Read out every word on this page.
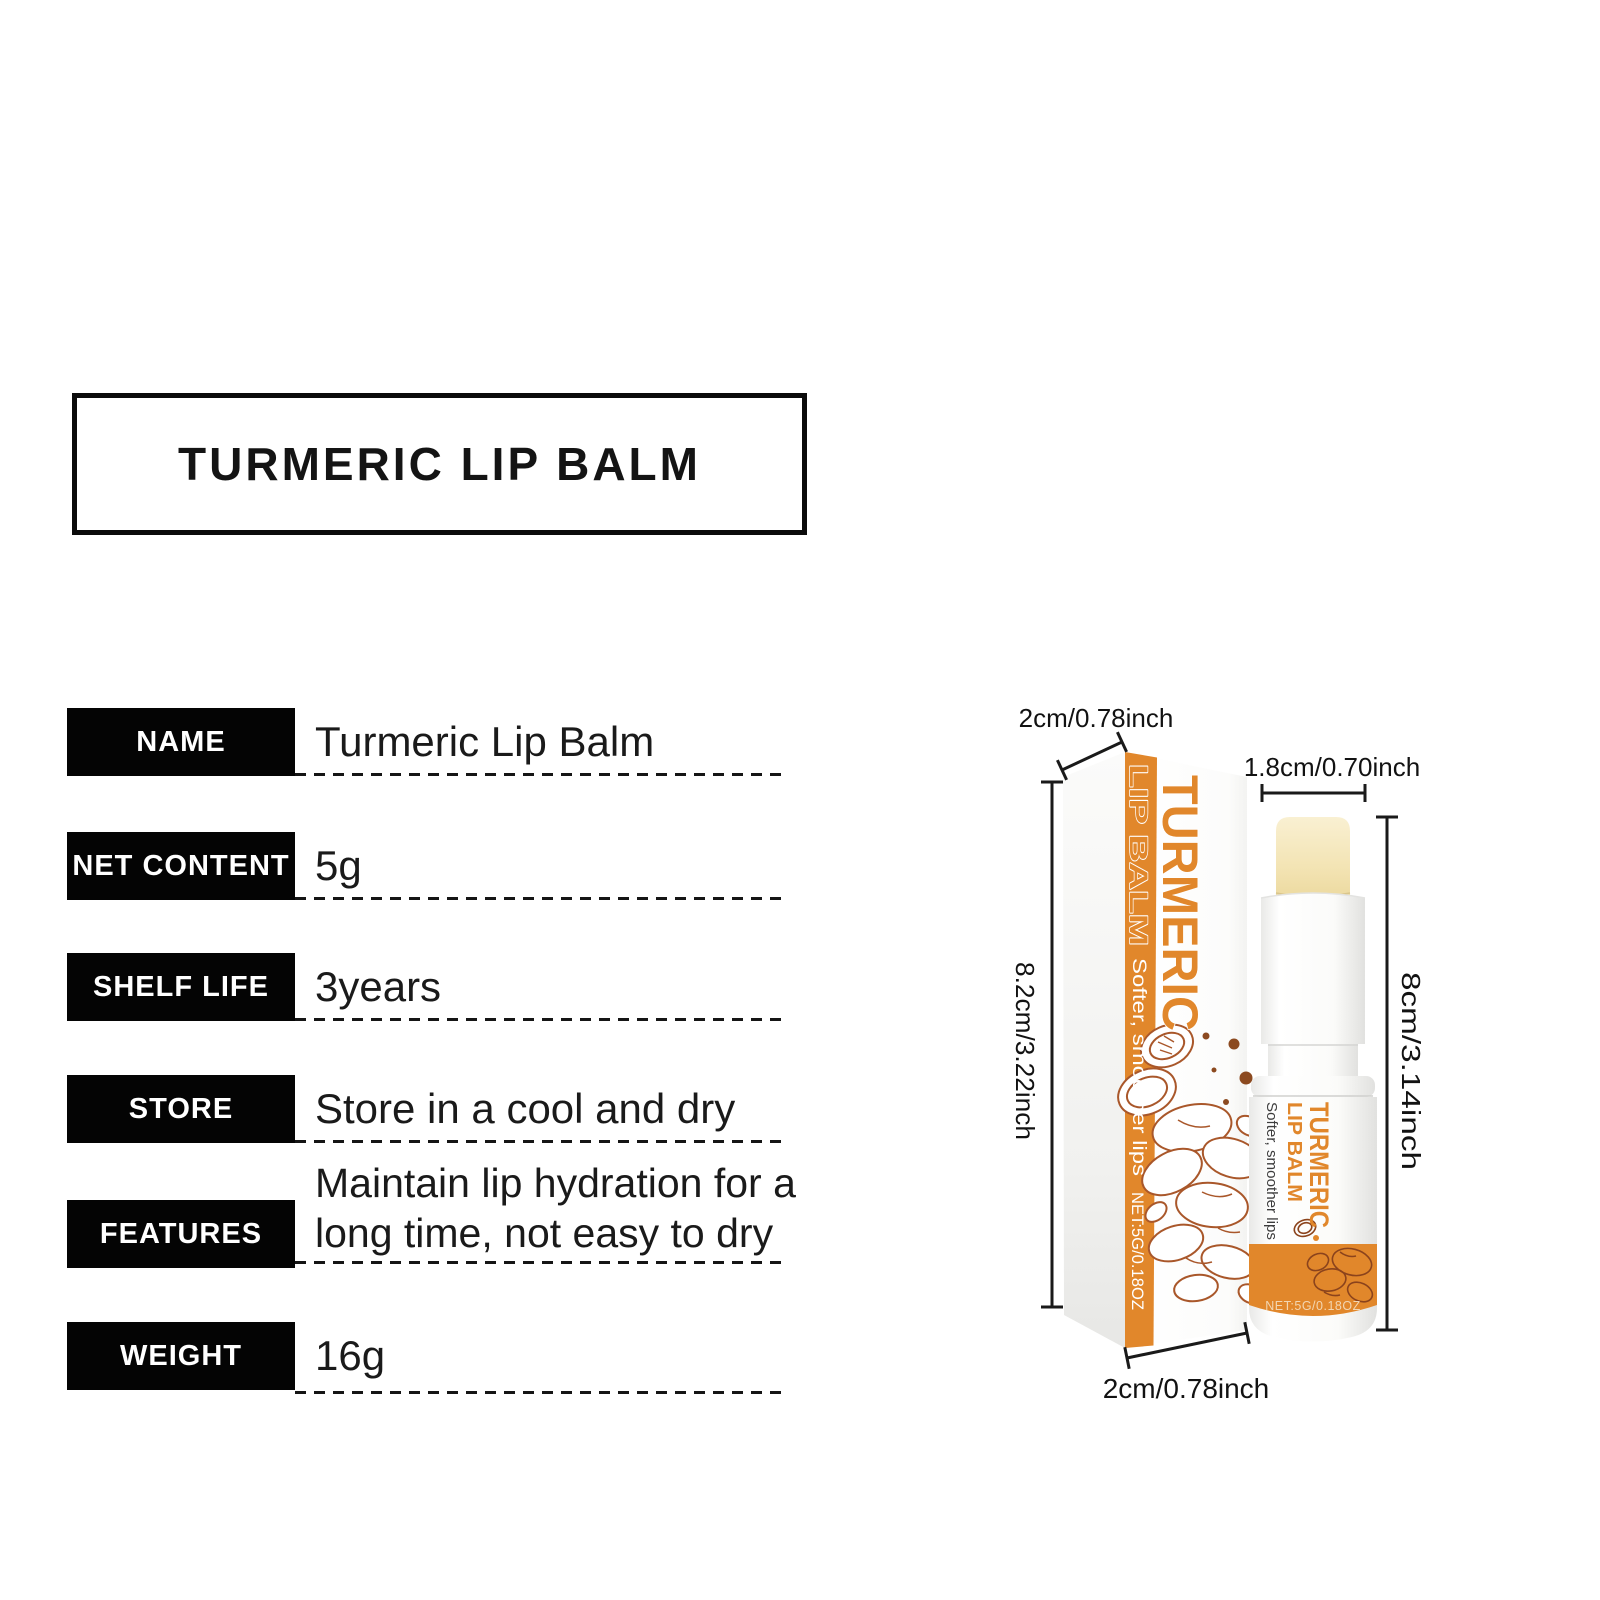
TURMERIC LIP BALM
NAME Turmeric Lip Balm
NET CONTENT 5g
SHELF LIFE 3years
STORE Store in a cool and dry
FEATURES
Maintain lip hydration for a
long time, not easy to dry
WEIGHT 16g
LIP BALM TURMERIC
Softer, smoother lips
NET:5G/0.18OZ
TURMERIC
LIP BALM
Softer, smoother lips
NET:5G/0.18OZ
2cm/0.78inch
1.8cm/0.70inch
8.2cm/3.22inch	8cm/3.14inch
2cm/0.78inch
